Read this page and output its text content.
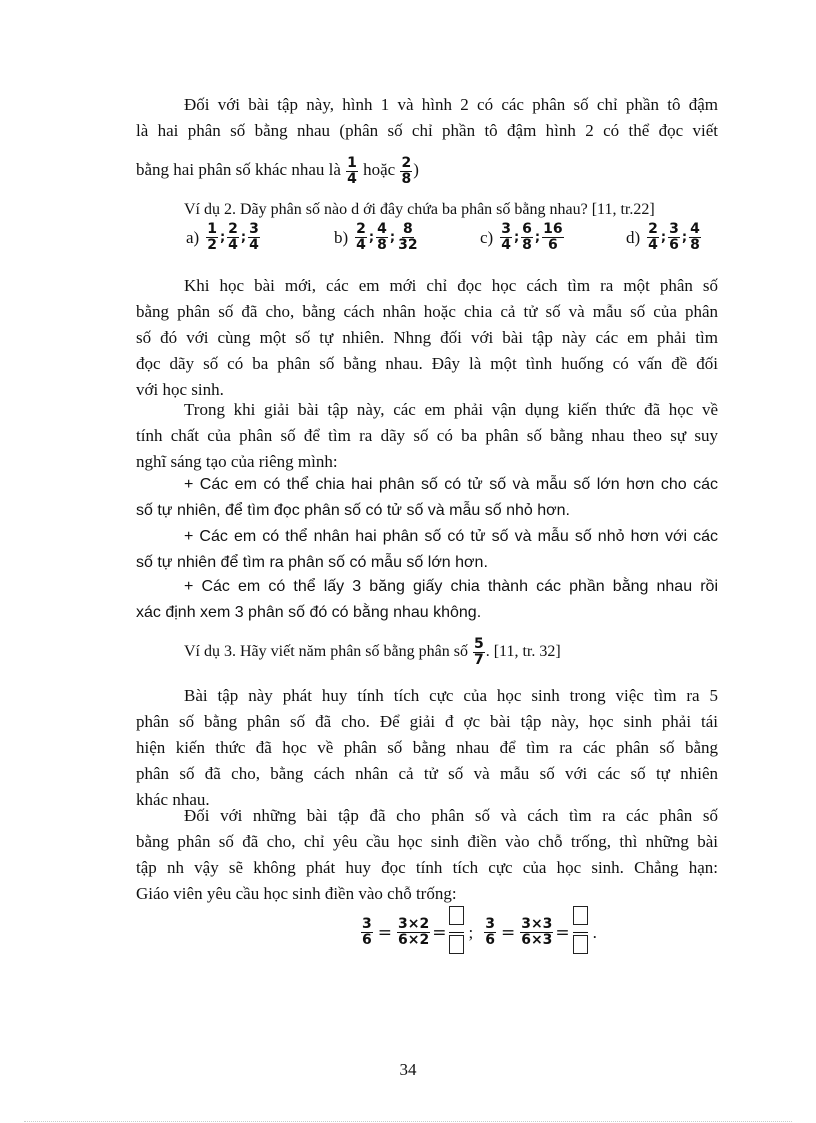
Đối với bài tập này, hình 1 và hình 2 có các phân số chỉ phần tô đậm
là hai phân số bằng nhau (phân số chỉ phần tô đậm hình 2 có thể đọc viết
bằng hai phân số khác nhau là $\frac{1}{4}$ hoặc $\frac{2}{8}$ )
Ví dụ 2. Dãy phân số nào d ới đây chứa ba phân số bằng nhau? [11, tr.22]
$a) \frac{1}{2}$ ; $\frac{2}{4}$ ; $\frac{3}{4}$	$b) \frac{2}{4}$ ; $\frac{4}{8}$ ; $\frac{8}{32}$	$c) \frac{3}{4}$ ; $\frac{6}{8}$ ; $\frac{16}{6}$	$d) \frac{2}{4}$ ; $\frac{3}{6}$ ; $\frac{4}{8}$
Khi học bài mới, các em mới chỉ đọc học cách tìm ra một phân số
bằng phân số đã cho, bằng cách nhân hoặc chia cả tử số và mẫu số của phân
số đó với cùng một số tự nhiên. Nhng đối với bài tập này các em phải tìm
đọc dãy số có ba phân số bằng nhau. Đây là một tình huống có vấn đề đối
với học sinh.
Trong khi giải bài tập này, các em phải vận dụng kiến thức đã học về
tính chất của phân số để tìm ra dãy số có ba phân số bằng nhau theo sự suy
nghĩ sáng tạo của riêng mình:
+ Các em có thể chia hai phân số có tử số và mẫu số lớn hơn cho các
số tự nhiên, để tìm đọc phân số có tử số và mẫu số nhỏ hơn.
+ Các em có thể nhân hai phân số có tử số và mẫu số nhỏ hơn với các
số tự nhiên để tìm ra phân số có mẫu số lớn hơn.
+ Các em có thể lấy 3 băng giấy chia thành các phần bằng nhau rồi
xác định xem 3 phân số đó có bằng nhau không.
Ví dụ 3. Hãy viết năm phân số bằng phân số $\frac{5}{7}$ . [11, tr. 32]
Bài tập này phát huy tính tích cực của học sinh trong việc tìm ra 5
phân số bằng phân số đã cho. Để giải đ ợc bài tập này, học sinh phải tái
hiện kiến thức đã học về phân số bằng nhau để tìm ra các phân số bằng
phân số đã cho, bằng cách nhân cả tử số và mẫu số với các số tự nhiên
khác nhau.
Đối với những bài tập đã cho phân số và cách tìm ra các phân số
bằng phân số đã cho, chỉ yêu cầu học sinh điền vào chỗ trống, thì những bài
tập nh vậy sẽ không phát huy đọc tính tích cực của học sinh. Chẳng hạn:
Giáo viên yêu cầu học sinh điền vào chỗ trống:
$\frac{3}{6} = \frac{3\times 2}{6\times 2}$ = ; $\frac{3}{6} = \frac{3\times 3}{6\times 3}$ = .
34
